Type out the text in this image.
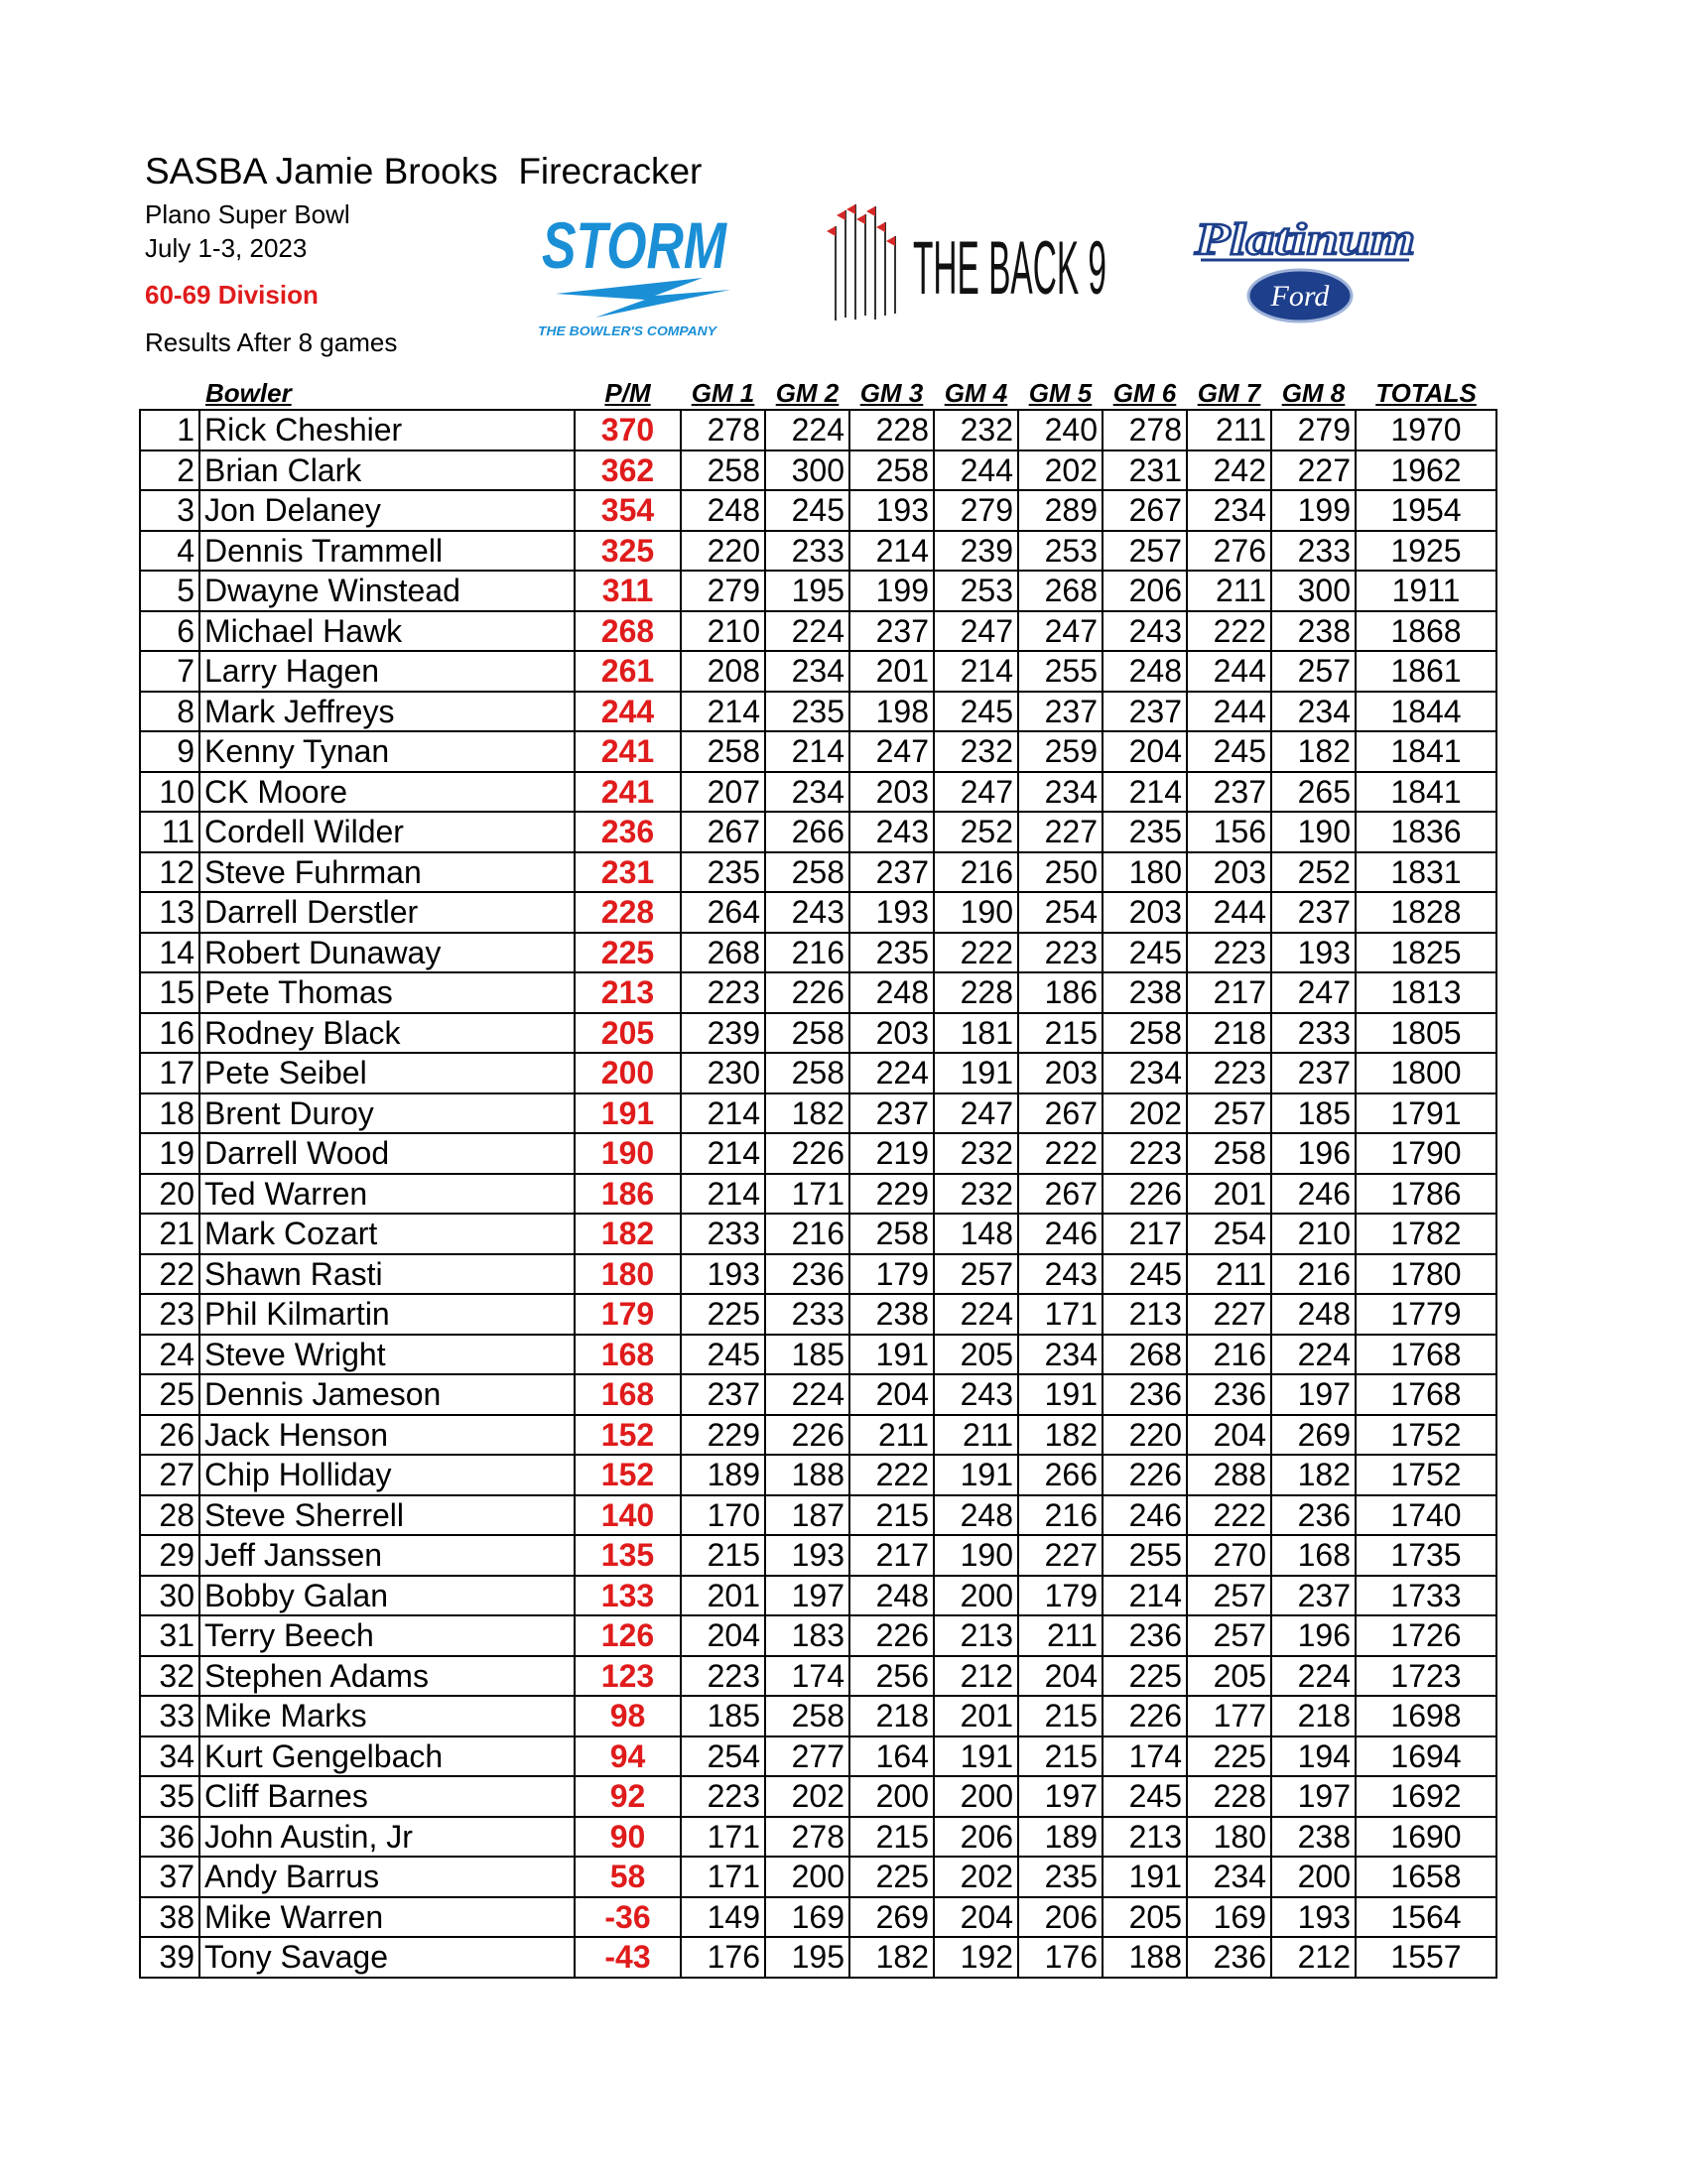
SASBA Jamie Brooks  Firecracker
Plano Super Bowl
July 1-3, 2023
60-69 Division
Results After 8 games
STORM
THE BOWLER'S COMPANY
THE BACK 9 Platinum
Ford
	Bowler	P/M	GM 1	GM 2	GM 3	GM 4	GM 5	GM 6	GM 7	GM 8	TOTALS
1	Rick Cheshier	370	278	224	228	232	240	278	211	279	1970
2	Brian Clark	362	258	300	258	244	202	231	242	227	1962
3	Jon Delaney	354	248	245	193	279	289	267	234	199	1954
4	Dennis Trammell	325	220	233	214	239	253	257	276	233	1925
5	Dwayne Winstead	311	279	195	199	253	268	206	211	300	1911
6	Michael Hawk	268	210	224	237	247	247	243	222	238	1868
7	Larry Hagen	261	208	234	201	214	255	248	244	257	1861
8	Mark Jeffreys	244	214	235	198	245	237	237	244	234	1844
9	Kenny Tynan	241	258	214	247	232	259	204	245	182	1841
10	CK Moore	241	207	234	203	247	234	214	237	265	1841
11	Cordell Wilder	236	267	266	243	252	227	235	156	190	1836
12	Steve Fuhrman	231	235	258	237	216	250	180	203	252	1831
13	Darrell Derstler	228	264	243	193	190	254	203	244	237	1828
14	Robert Dunaway	225	268	216	235	222	223	245	223	193	1825
15	Pete Thomas	213	223	226	248	228	186	238	217	247	1813
16	Rodney Black	205	239	258	203	181	215	258	218	233	1805
17	Pete Seibel	200	230	258	224	191	203	234	223	237	1800
18	Brent Duroy	191	214	182	237	247	267	202	257	185	1791
19	Darrell Wood	190	214	226	219	232	222	223	258	196	1790
20	Ted Warren	186	214	171	229	232	267	226	201	246	1786
21	Mark Cozart	182	233	216	258	148	246	217	254	210	1782
22	Shawn Rasti	180	193	236	179	257	243	245	211	216	1780
23	Phil Kilmartin	179	225	233	238	224	171	213	227	248	1779
24	Steve Wright	168	245	185	191	205	234	268	216	224	1768
25	Dennis Jameson	168	237	224	204	243	191	236	236	197	1768
26	Jack Henson	152	229	226	211	211	182	220	204	269	1752
27	Chip Holliday	152	189	188	222	191	266	226	288	182	1752
28	Steve Sherrell	140	170	187	215	248	216	246	222	236	1740
29	Jeff Janssen	135	215	193	217	190	227	255	270	168	1735
30	Bobby Galan	133	201	197	248	200	179	214	257	237	1733
31	Terry Beech	126	204	183	226	213	211	236	257	196	1726
32	Stephen Adams	123	223	174	256	212	204	225	205	224	1723
33	Mike Marks	98	185	258	218	201	215	226	177	218	1698
34	Kurt Gengelbach	94	254	277	164	191	215	174	225	194	1694
35	Cliff Barnes	92	223	202	200	200	197	245	228	197	1692
36	John Austin, Jr	90	171	278	215	206	189	213	180	238	1690
37	Andy Barrus	58	171	200	225	202	235	191	234	200	1658
38	Mike Warren	-36	149	169	269	204	206	205	169	193	1564
39	Tony Savage	-43	176	195	182	192	176	188	236	212	1557
